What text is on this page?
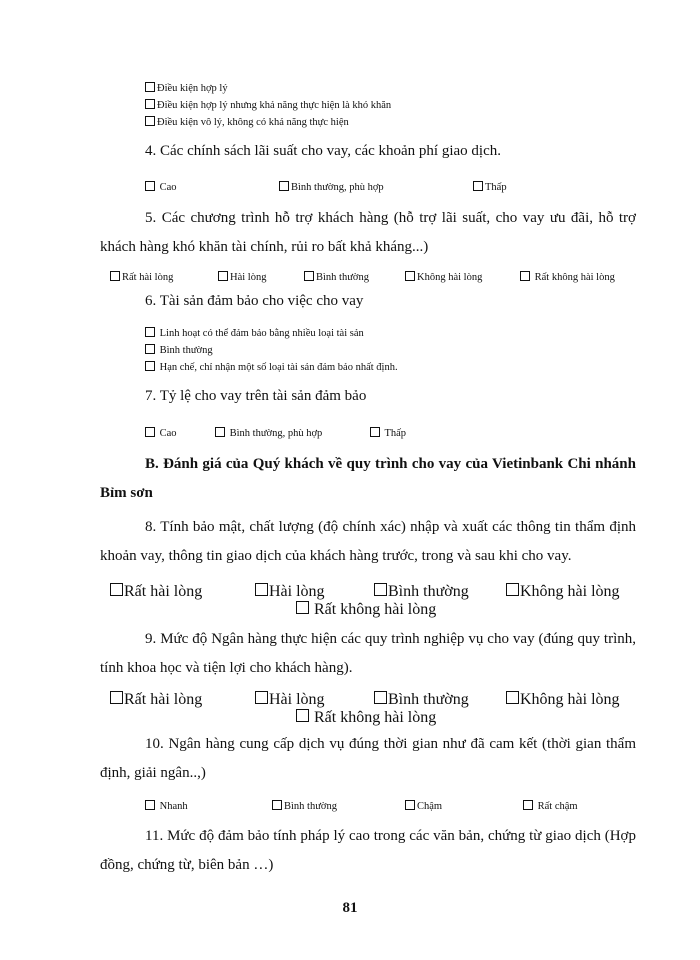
Điều kiện hợp lý
Điều kiện hợp lý nhưng khả năng thực hiện là khó khăn
Điều kiện vô lý, không có khả năng thực hiện
4. Các chính sách lãi suất cho vay, các khoản phí giao dịch.
Cao	Bình thường, phù hợp	Thấp
5. Các chương trình hỗ trợ khách hàng (hỗ trợ lãi suất, cho vay ưu đãi, hỗ trợ khách hàng khó khăn tài chính, rủi ro bất khả kháng...)
Rất hài lòng	Hài lòng	Bình thường	Không hài lòng	Rất không hài lòng
6. Tài sản đảm bảo cho việc cho vay
Linh hoạt có thể đảm bảo bằng nhiều loại tài sản
Bình thường
Hạn chế, chỉ nhận một số loại tài sản đảm bảo nhất định.
7. Tỷ lệ cho vay trên tài sản đảm bảo
Cao	Bình thường, phù hợp	Thấp
B. Đánh giá của Quý khách về quy trình cho vay của Vietinbank Chi nhánh Bỉm sơn
8. Tính bảo mật, chất lượng (độ chính xác) nhập và xuất các thông tin thẩm định khoản vay, thông tin giao dịch của khách hàng trước, trong và sau khi cho vay.
Rất hài lòng	Hài lòng	Bình thường	Không hài lòng
Rất không hài lòng
9. Mức độ Ngân hàng thực hiện các quy trình nghiệp vụ cho vay (đúng quy trình, tính khoa học và tiện lợi cho khách hàng).
Rất hài lòng	Hài lòng	Bình thường	Không hài lòng
Rất không hài lòng
10. Ngân hàng cung cấp dịch vụ đúng thời gian như đã cam kết (thời gian thẩm định, giải ngân..,)
Nhanh	Bình thường	Chậm	Rất chậm
11. Mức độ đảm bảo tính pháp lý cao trong các văn bản, chứng từ giao dịch (Hợp đồng, chứng từ, biên bản …)
81
